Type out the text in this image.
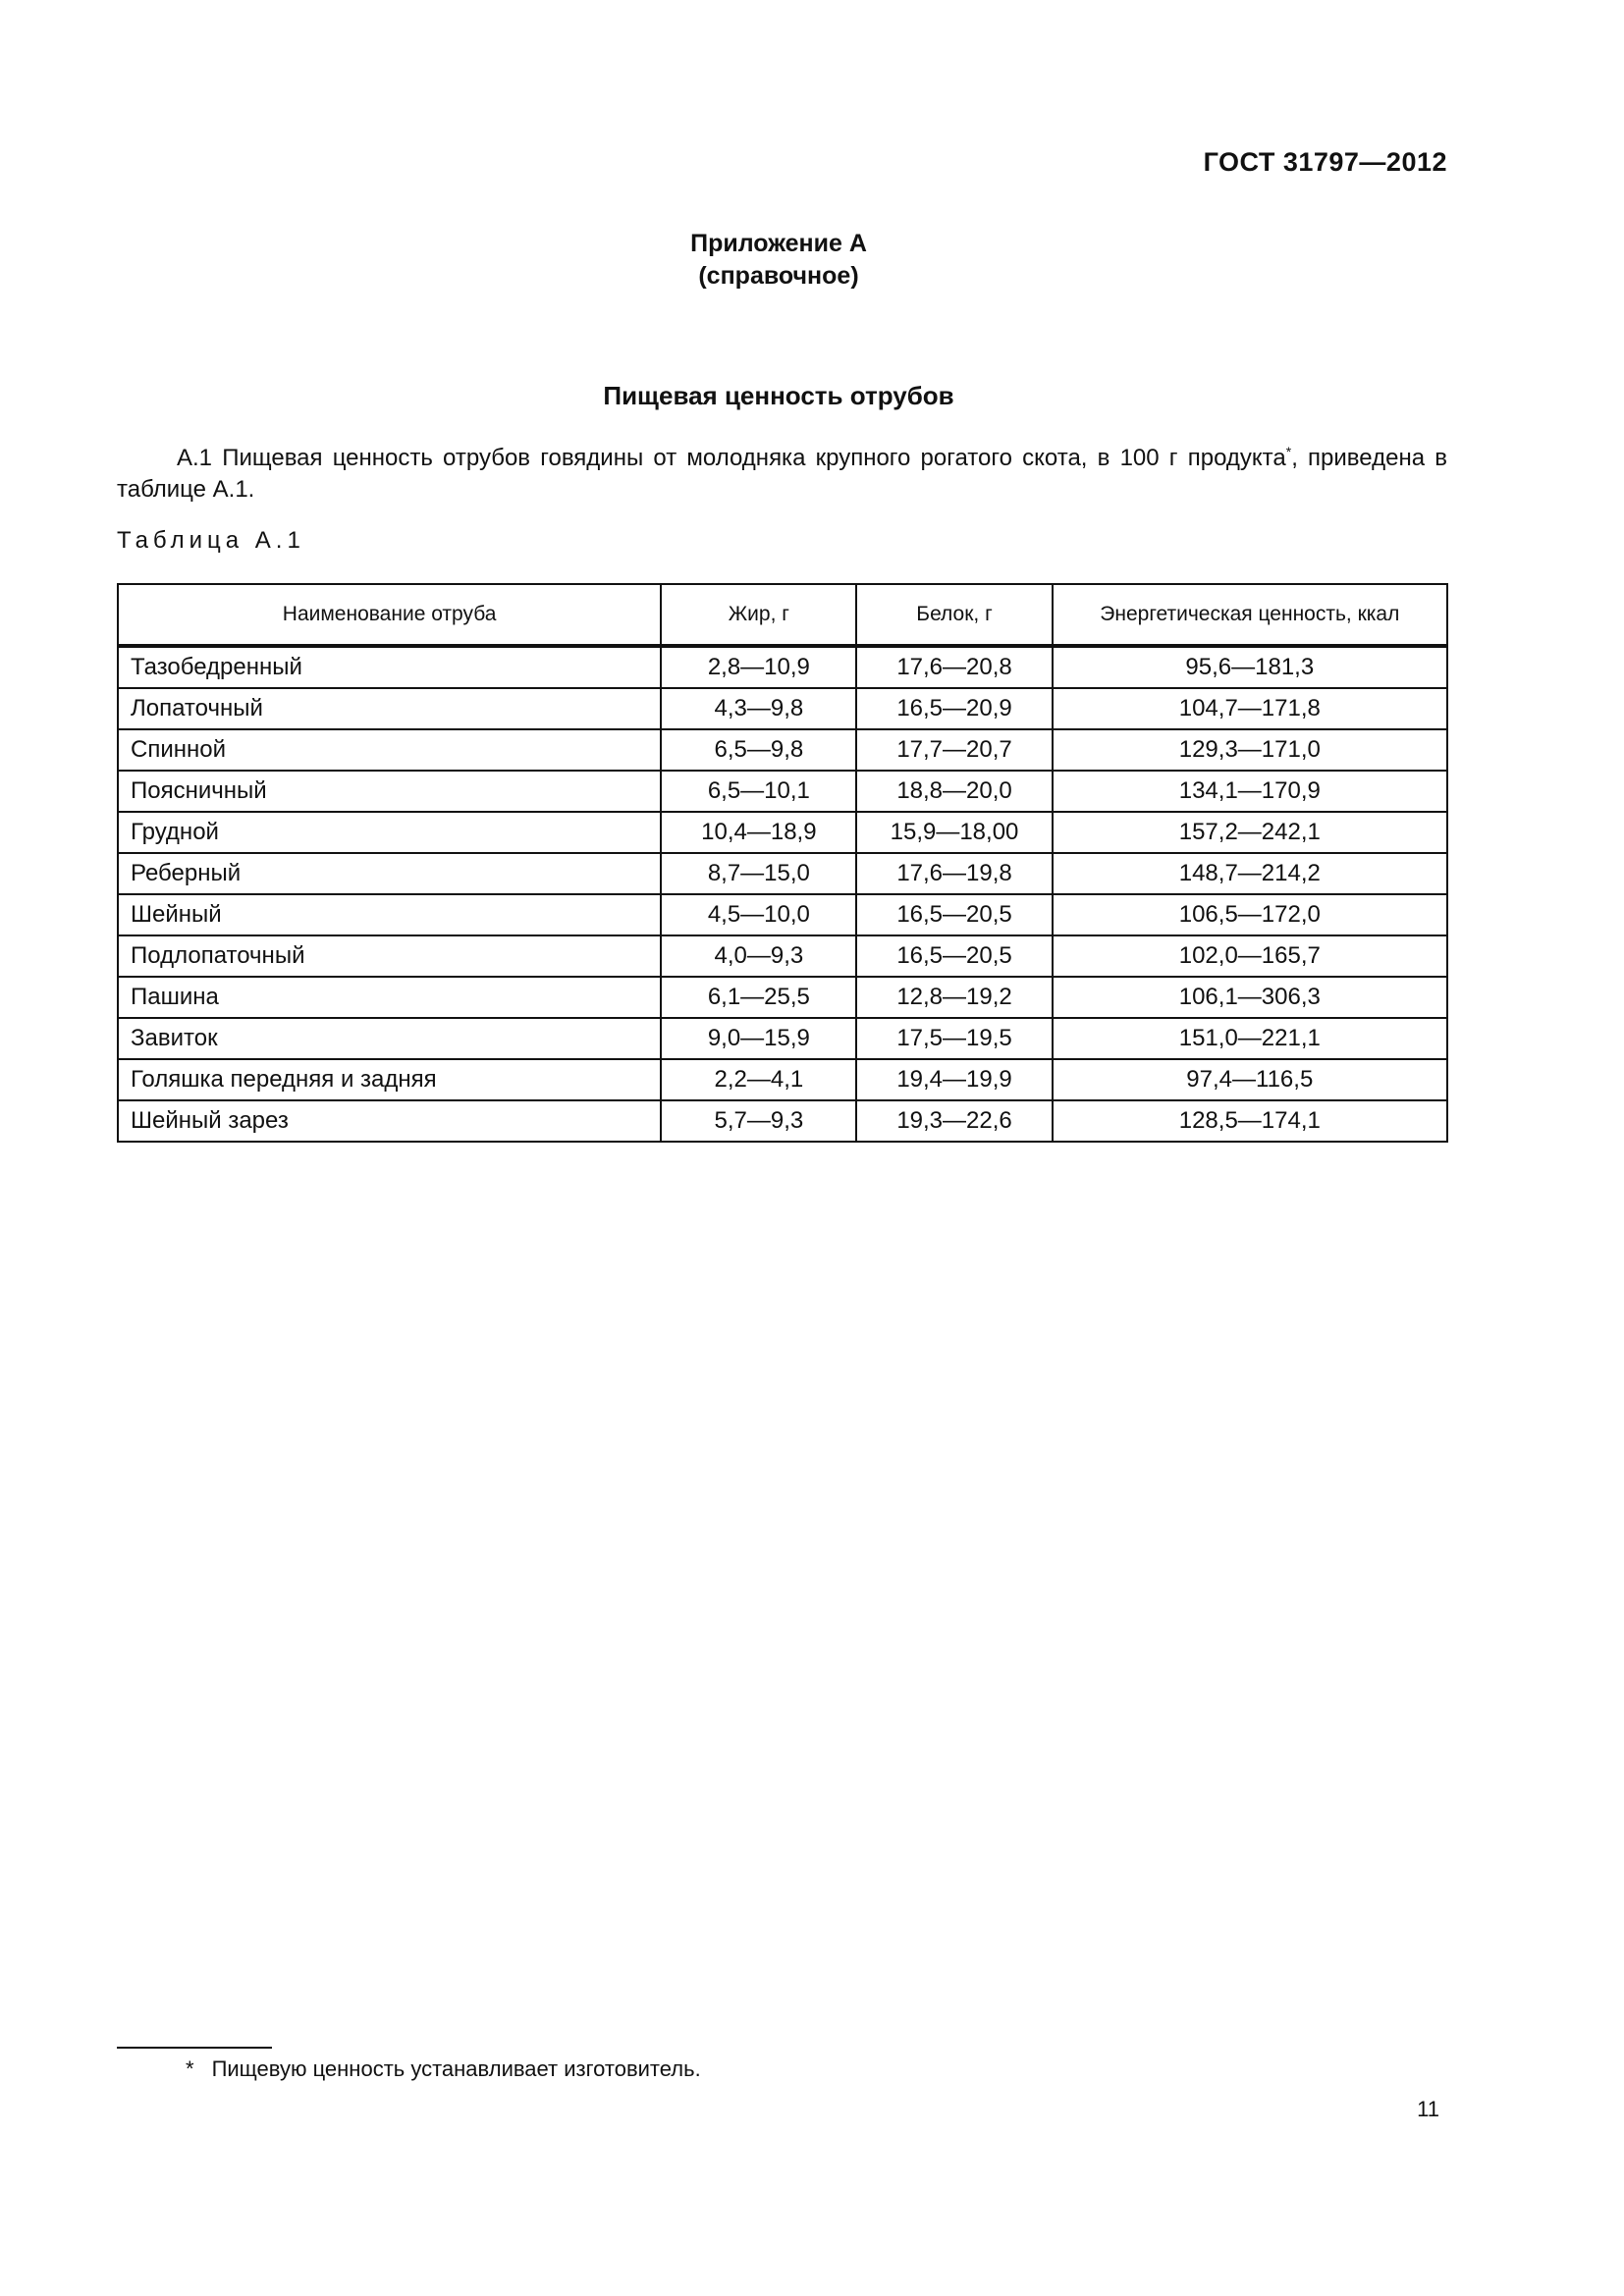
ГОСТ 31797—2012
Приложение А
(справочное)
Пищевая ценность отрубов
А.1 Пищевая ценность отрубов говядины от молодняка крупного рогатого скота, в 100 г продукта*, приведена в таблице А.1.
Таблица А.1
Наименование отруба	Жир, г	Белок, г	Энергетическая ценность, ккал
Тазобедренный	2,8—10,9	17,6—20,8	95,6—181,3
Лопаточный	4,3—9,8	16,5—20,9	104,7—171,8
Спинной	6,5—9,8	17,7—20,7	129,3—171,0
Поясничный	6,5—10,1	18,8—20,0	134,1—170,9
Грудной	10,4—18,9	15,9—18,00	157,2—242,1
Реберный	8,7—15,0	17,6—19,8	148,7—214,2
Шейный	4,5—10,0	16,5—20,5	106,5—172,0
Подлопаточный	4,0—9,3	16,5—20,5	102,0—165,7
Пашина	6,1—25,5	12,8—19,2	106,1—306,3
Завиток	9,0—15,9	17,5—19,5	151,0—221,1
Голяшка передняя и задняя	2,2—4,1	19,4—19,9	97,4—116,5
Шейный зарез	5,7—9,3	19,3—22,6	128,5—174,1
* Пищевую ценность устанавливает изготовитель.
11
